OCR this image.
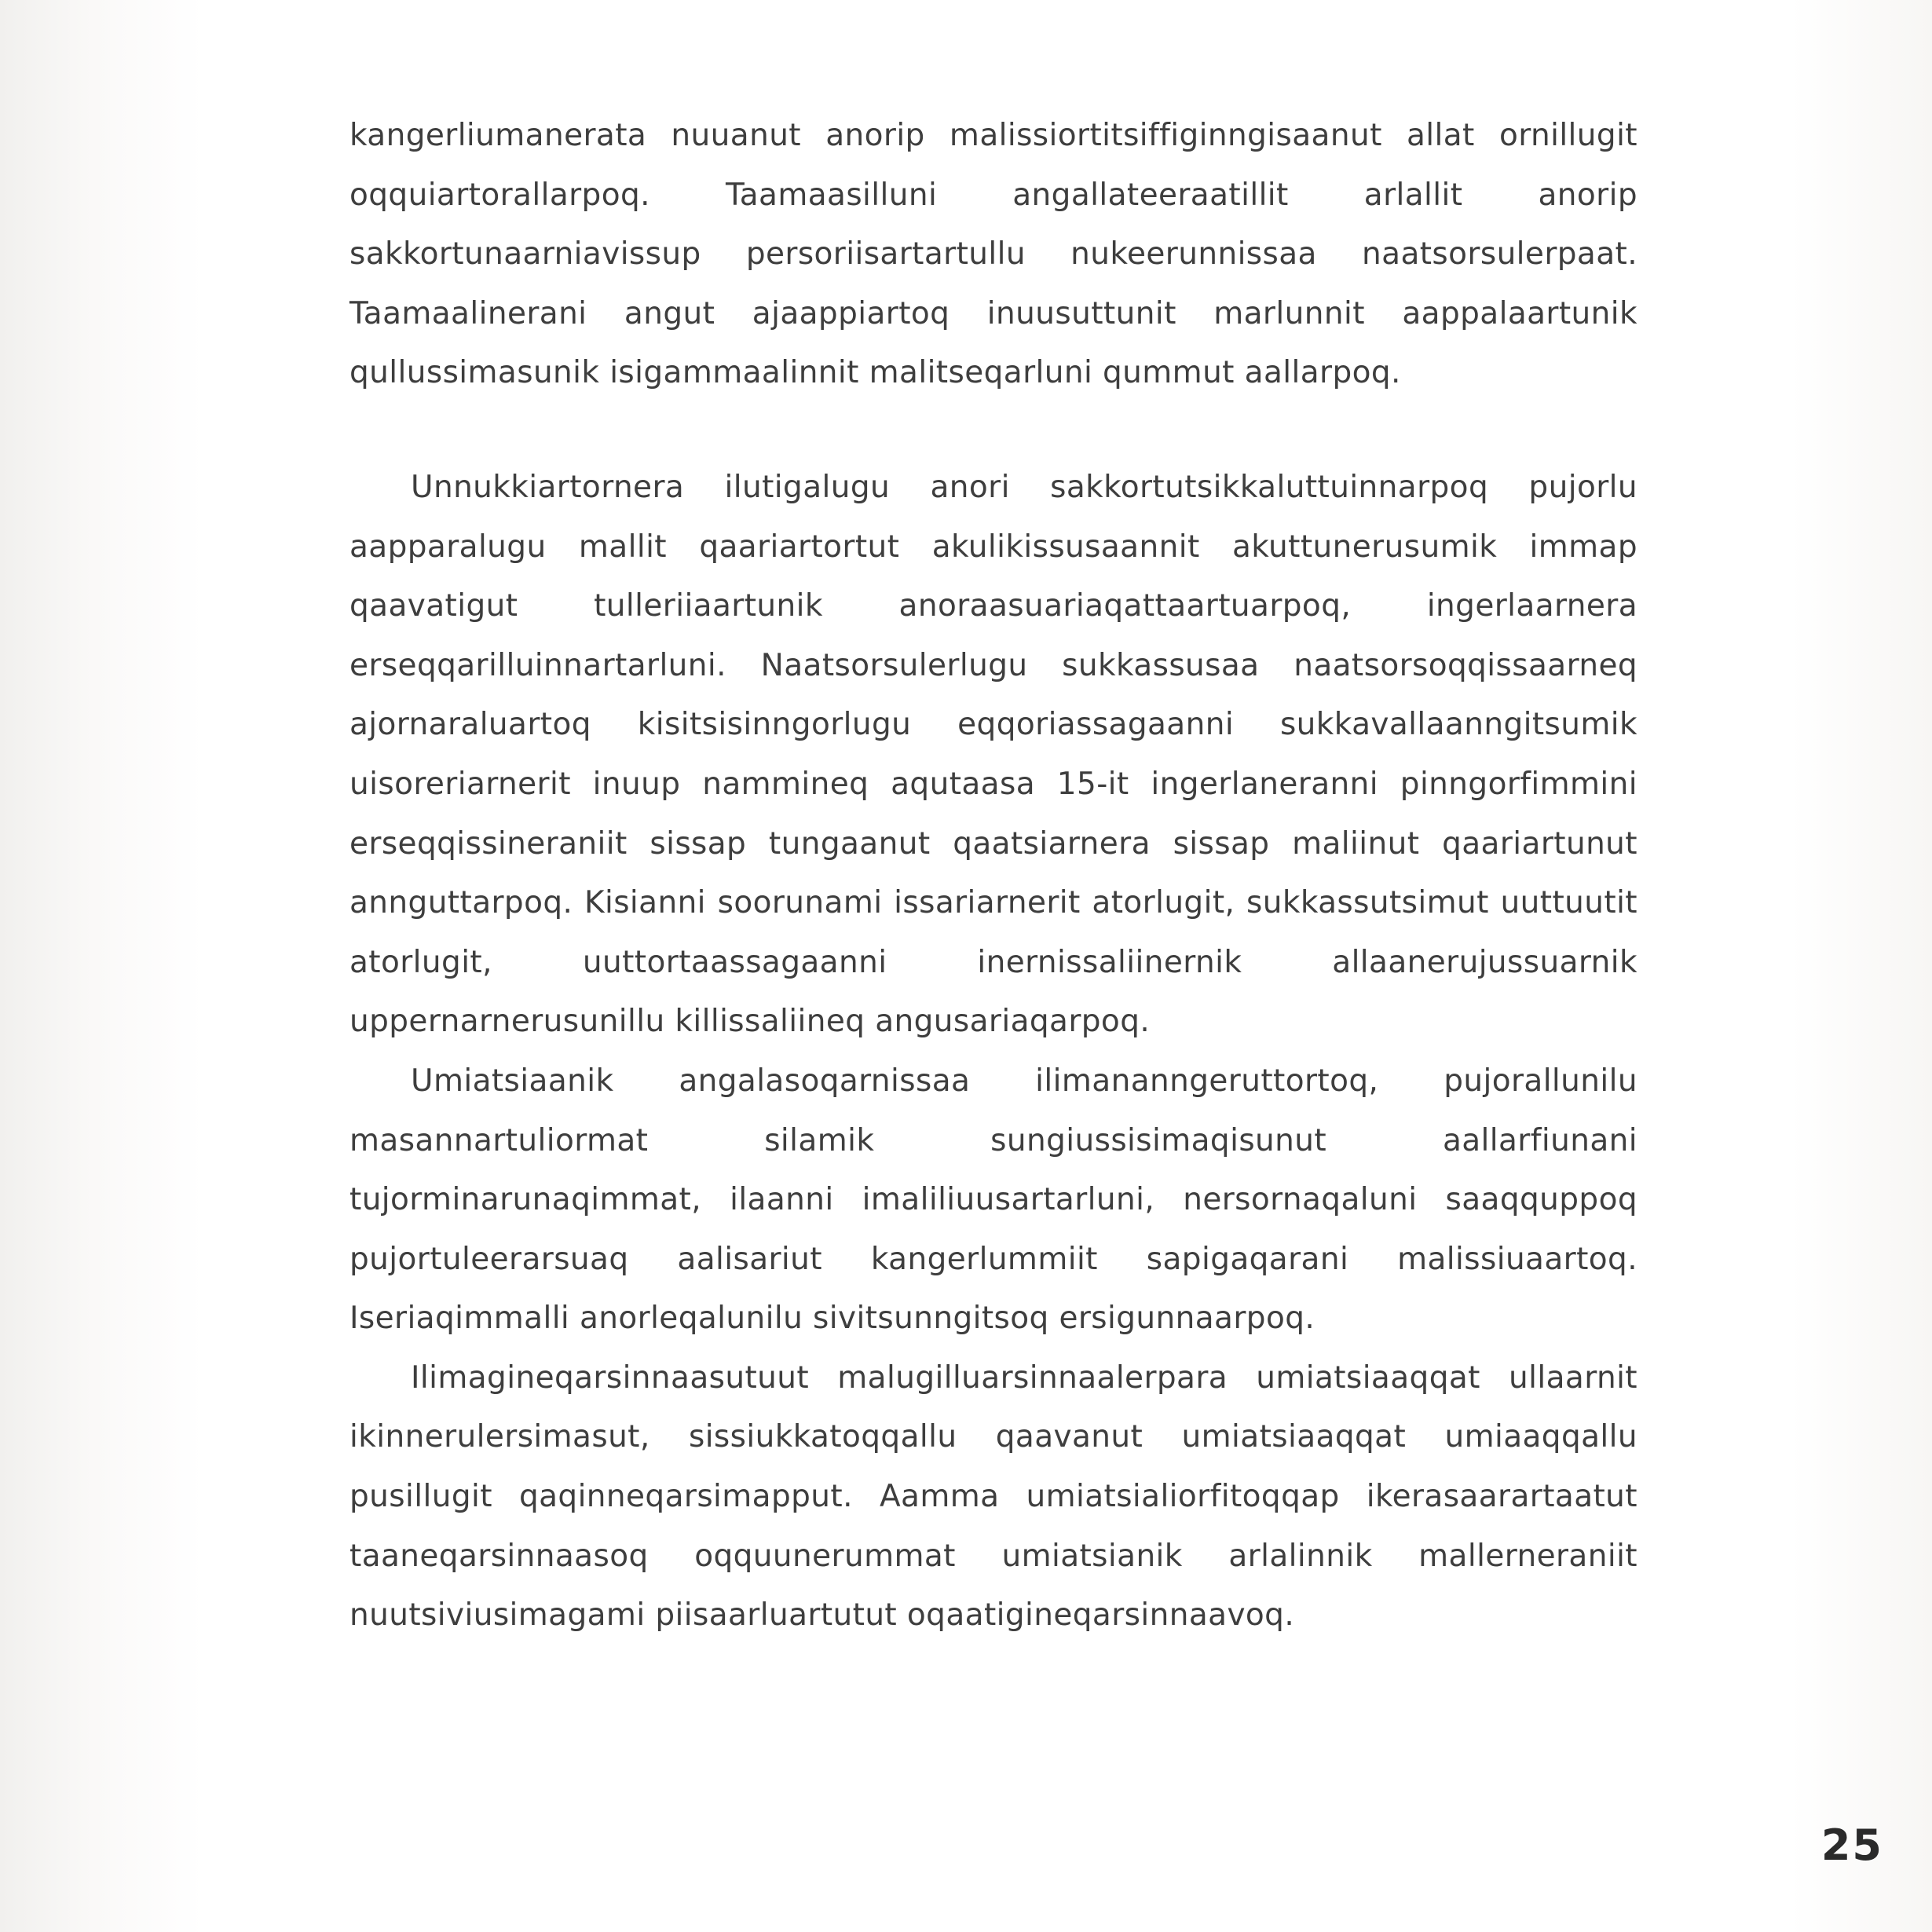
kangerliumanerata nuuanut anorip malissiortitsiffiginngisaanut allat ornillugit oqquiartorallarpoq. Taamaasilluni angallateeraatillit arlallit anorip sakkortunaarniavissup persoriisartartullu nukeerunnissaa naatsorsulerpaat. Taamaalinerani angut ajaappiartoq inuusuttunit marlunnit aappalaartunik qullussimasunik isigammaalinnit malitseqarluni qummut aallarpoq.

Unnukkiartornera ilutigalugu anori sakkortutsikkaluttuinnarpoq pujorlu aapparalugu mallit qaariartortut akulikissusaannit akuttunerusumik immap qaavatigut tulleriiaartunik anoraasuariaqattaartuarpoq, ingerlaarnera erseqqarilluinnartarluni. Naatsorsulerlugu sukkassusaa naatsorsoqqissaarneq ajornaraluartoq kisitsisinngorlugu eqqoriassagaanni sukkavallaanngitsumik uisoreriarnerit inuup nammineq aqutaasa 15-it ingerlaneranni pinngorfimmini erseqqissineraniit sissap tungaanut qaatsiarnera sissap maliinut qaariartunut annguttarpoq. Kisianni soorunami issariarnerit atorlugit, sukkassutsimut uuttuutit atorlugit, uuttortaassagaanni inernissaliinernik allaanerujussuarnik uppernarnerusunillu killissaliineq angusariaqarpoq.

Umiatsiaanik angalasoqarnissaa ilimananngeruttortoq, pujorallunilu masannartuliormat silamik sungiussisimaqisunut aallarfiunani tujorminarunaqimmat, ilaanni imaliliuusartarluni, nersornaqaluni saaqquppoq pujortuleerarsuaq aalisariut kangerlummiit sapigaqarani malissiuaartoq. Iseriaqimmalli anorleqalunilu sivitsunngitsoq ersigunnaarpoq.

Ilimagineqarsinnaasutuut malugilluarsinnaalerpara umiatsiaaqqat ullaarnit ikinnerulersimasut, sissiukkatoqqallu qaavanut umiatsiaaqqat umiaaqqallu pusillugit qaqinneqarsimapput. Aamma umiatsialiorfitoqqap ikerasaarartaatut taaneqarsinnaasoq oqquunerummat umiatsianik arlalinnik mallerneraniit nuutsiviusimagami piisaarluartutut oqaatigineqarsinnaavoq.

25
